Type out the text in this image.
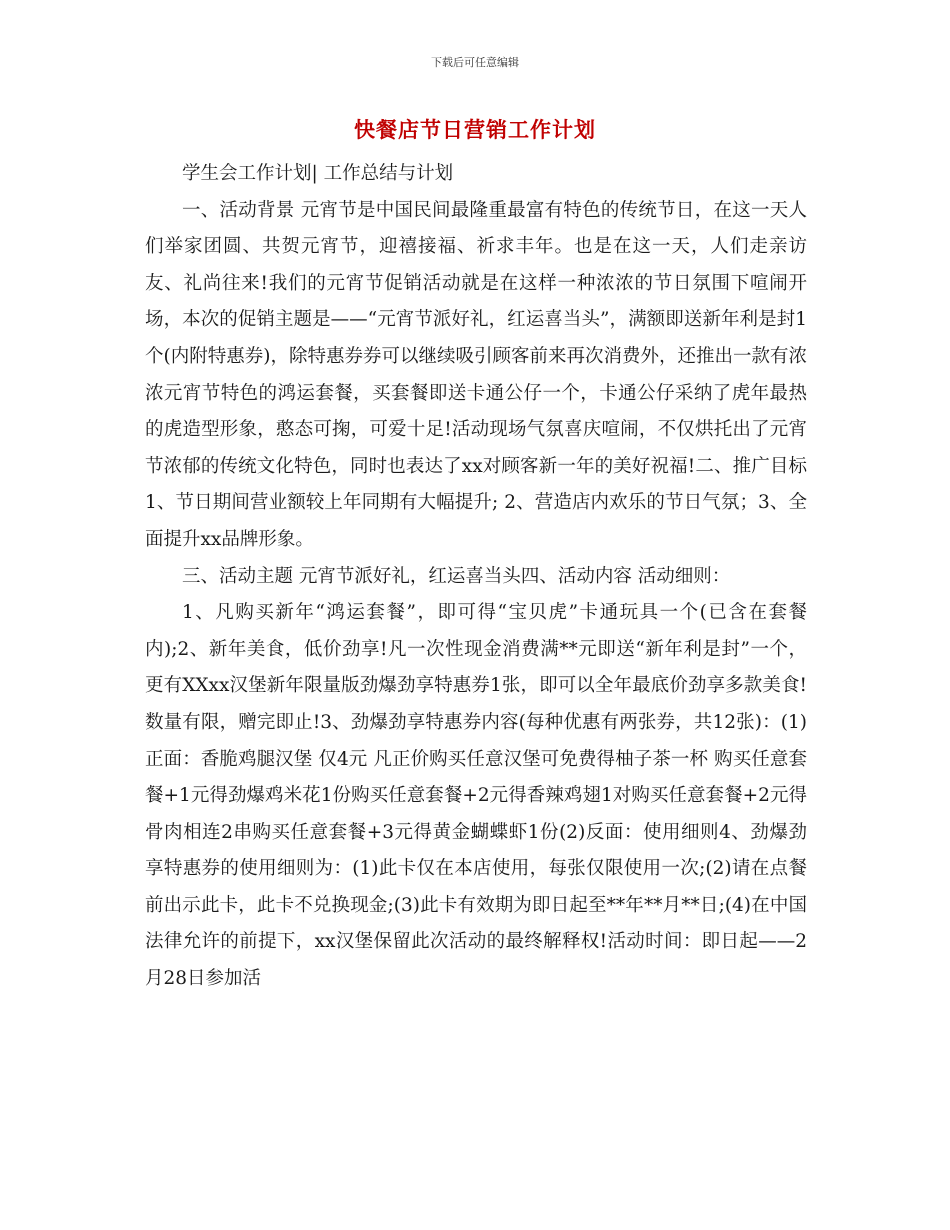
下载后可任意编辑
快餐店节日营销工作计划

学生会工作计划| 工作总结与计划

一、活动背景 元宵节是中国民间最隆重最富有特色的传统节日，在这一天人们举家团圆、共贺元宵节，迎禧接福、祈求丰年。也是在这一天，人们走亲访友、礼尚往来!我们的元宵节促销活动就是在这样一种浓浓的节日氛围下喧闹开场，本次的促销主题是——“元宵节派好礼，红运喜当头”，满额即送新年利是封1个(内附特惠券)，除特惠券券可以继续吸引顾客前来再次消费外，还推出一款有浓浓元宵节特色的鸿运套餐，买套餐即送卡通公仔一个，卡通公仔采纳了虎年最热的虎造型形象，憨态可掬，可爱十足!活动现场气氛喜庆喧闹，不仅烘托出了元宵节浓郁的传统文化特色，同时也表达了xx对顾客新一年的美好祝福!二、推广目标 1、节日期间营业额较上年同期有大幅提升; 2、营造店内欢乐的节日气氛；3、全面提升xx品牌形象。

三、活动主题 元宵节派好礼，红运喜当头四、活动内容 活动细则：

1、凡购买新年“鸿运套餐”，即可得“宝贝虎”卡通玩具一个(已含在套餐内);2、新年美食，低价劲享!凡一次性现金消费满**元即送“新年利是封”一个，更有XXxx汉堡新年限量版劲爆劲享特惠券1张，即可以全年最底价劲享多款美食!数量有限，赠完即止!3、劲爆劲享特惠券内容(每种优惠有两张券，共12张)：(1)正面：香脆鸡腿汉堡 仅4元 凡正价购买任意汉堡可免费得柚子茶一杯 购买任意套餐+1元得劲爆鸡米花1份购买任意套餐+2元得香辣鸡翅1对购买任意套餐+2元得骨肉相连2串购买任意套餐+3元得黄金蝴蝶虾1份(2)反面：使用细则4、劲爆劲享特惠券的使用细则为：(1)此卡仅在本店使用，每张仅限使用一次;(2)请在点餐前出示此卡，此卡不兑换现金;(3)此卡有效期为即日起至**年**月**日;(4)在中国法律允许的前提下，xx汉堡保留此次活动的最终解释权!活动时间：即日起——2月28日参加活
